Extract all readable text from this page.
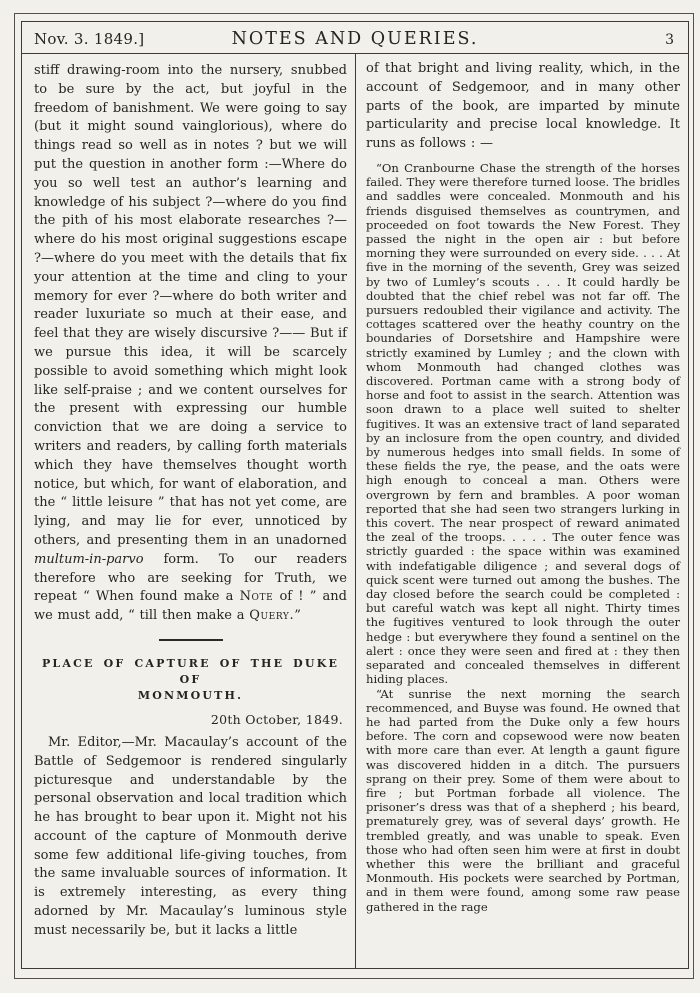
Nov. 3. 1849.]	NOTES AND QUERIES.	3

stiff drawing-room into the nursery, snubbed to be sure by the act, but joyful in the freedom of banishment. We were going to say (but it might sound vainglorious), where do things read so well as in notes ? but we will put the question in another form :—Where do you so well test an author’s learning and knowledge of his subject ?—where do you find the pith of his most elaborate researches ?—where do his most original suggestions escape ?—where do you meet with the details that fix your attention at the time and cling to your memory for ever ?—where do both writer and reader luxuriate so much at their ease, and feel that they are wisely discursive ?—— But if we pursue this idea, it will be scarcely possible to avoid something which might look like self-praise ; and we content ourselves for the present with expressing our humble conviction that we are doing a service to writers and readers, by calling forth materials which they have themselves thought worth notice, but which, for want of elaboration, and the “ little leisure ” that has not yet come, are lying, and may lie for ever, unnoticed by others, and presenting them in an unadorned multum-in-parvo form. To our readers therefore who are seeking for Truth, we repeat “ When found make a Note of ! ” and we must add, “ till then make a Query.”

PLACE OF CAPTURE OF THE DUKE OF
MONMOUTH.
20th October, 1849.

Mr. Editor,—Mr. Macaulay’s account of the Battle of Sedgemoor is rendered singularly picturesque and understandable by the personal observation and local tradition which he has brought to bear upon it. Might not his account of the capture of Monmouth derive some few additional life-giving touches, from the same invaluable sources of information. It is extremely interesting, as every thing adorned by Mr. Macaulay’s luminous style must necessarily be, but it lacks a little

of that bright and living reality, which, in the account of Sedgemoor, and in many other parts of the book, are imparted by minute particularity and precise local knowledge. It runs as follows : —

“On Cranbourne Chase the strength of the horses failed. They were therefore turned loose. The bridles and saddles were concealed. Monmouth and his friends disguised themselves as countrymen, and proceeded on foot towards the New Forest. They passed the night in the open air : but before morning they were surrounded on every side. . . . At five in the morning of the seventh, Grey was seized by two of Lumley’s scouts . . . It could hardly be doubted that the chief rebel was not far off. The pursuers redoubled their vigilance and activity. The cottages scattered over the heathy country on the boundaries of Dorsetshire and Hampshire were strictly examined by Lumley ; and the clown with whom Monmouth had changed clothes was discovered. Portman came with a strong body of horse and foot to assist in the search. Attention was soon drawn to a place well suited to shelter fugitives. It was an extensive tract of land separated by an inclosure from the open country, and divided by numerous hedges into small fields. In some of these fields the rye, the pease, and the oats were high enough to conceal a man. Others were overgrown by fern and brambles. A poor woman reported that she had seen two strangers lurking in this covert. The near prospect of reward animated the zeal of the troops. . . . . The outer fence was strictly guarded : the space within was examined with indefatigable diligence ; and several dogs of quick scent were turned out among the bushes. The day closed before the search could be completed : but careful watch was kept all night. Thirty times the fugitives ventured to look through the outer hedge : but everywhere they found a sentinel on the alert : once they were seen and fired at : they then separated and concealed themselves in different hiding places.

“At sunrise the next morning the search recommenced, and Buyse was found. He owned that he had parted from the Duke only a few hours before. The corn and copsewood were now beaten with more care than ever. At length a gaunt figure was discovered hidden in a ditch. The pursuers sprang on their prey. Some of them were about to fire ; but Portman forbade all violence. The prisoner’s dress was that of a shepherd ; his beard, prematurely grey, was of several days’ growth. He trembled greatly, and was unable to speak. Even those who had often seen him were at first in doubt whether this were the brilliant and graceful Monmouth. His pockets were searched by Portman, and in them were found, among some raw pease gathered in the rage
